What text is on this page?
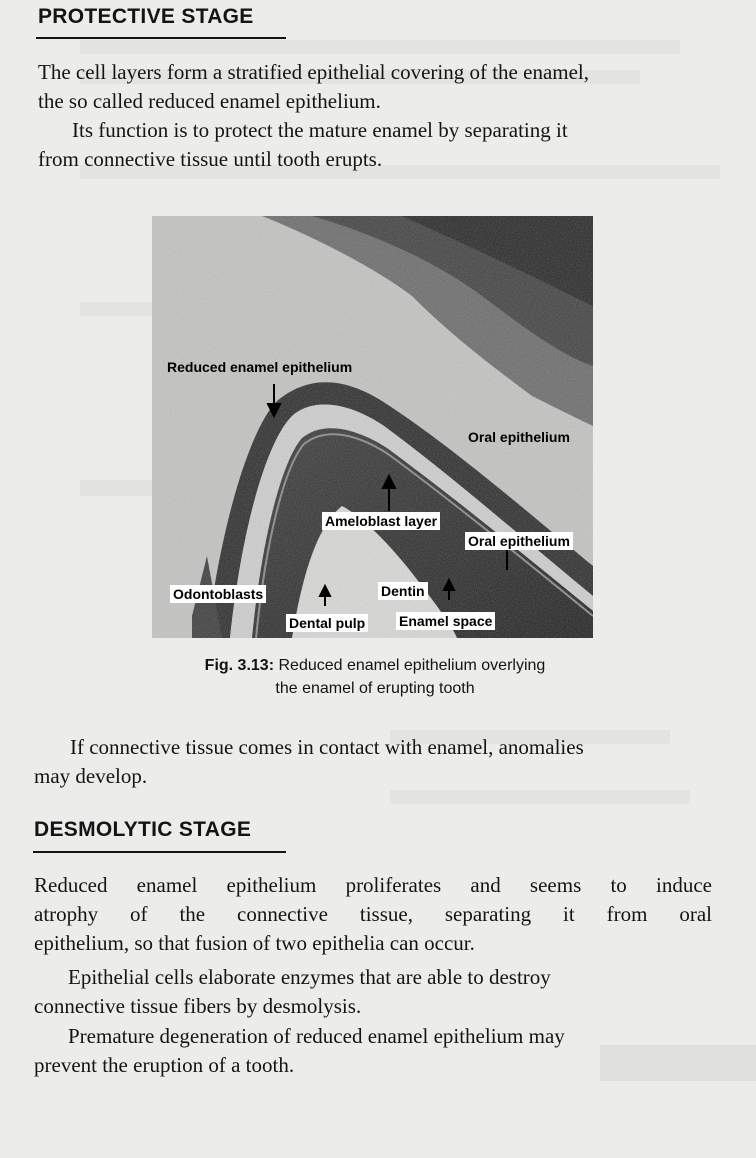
PROTECTIVE STAGE
The cell layers form a stratified epithelial covering of the enamel,
the so called reduced enamel epithelium.
Its function is to protect the mature enamel by separating it
from connective tissue until tooth erupts.
Reduced enamel epithelium
Oral epithelium
Ameloblast layer
Oral epithelium
Odontoblasts	Dentin
Dental pulp Enamel space
Fig. 3.13: Reduced enamel epithelium overlying
the enamel of erupting tooth
If connective tissue comes in contact with enamel, anomalies
may develop.
DESMOLYTIC STAGE
Reduced enamel epithelium proliferates and seems to induce
atrophy of the connective tissue, separating it from oral
epithelium, so that fusion of two epithelia can occur.
Epithelial cells elaborate enzymes that are able to destroy
connective tissue fibers by desmolysis.
Premature degeneration of reduced enamel epithelium may
prevent the eruption of a tooth.
